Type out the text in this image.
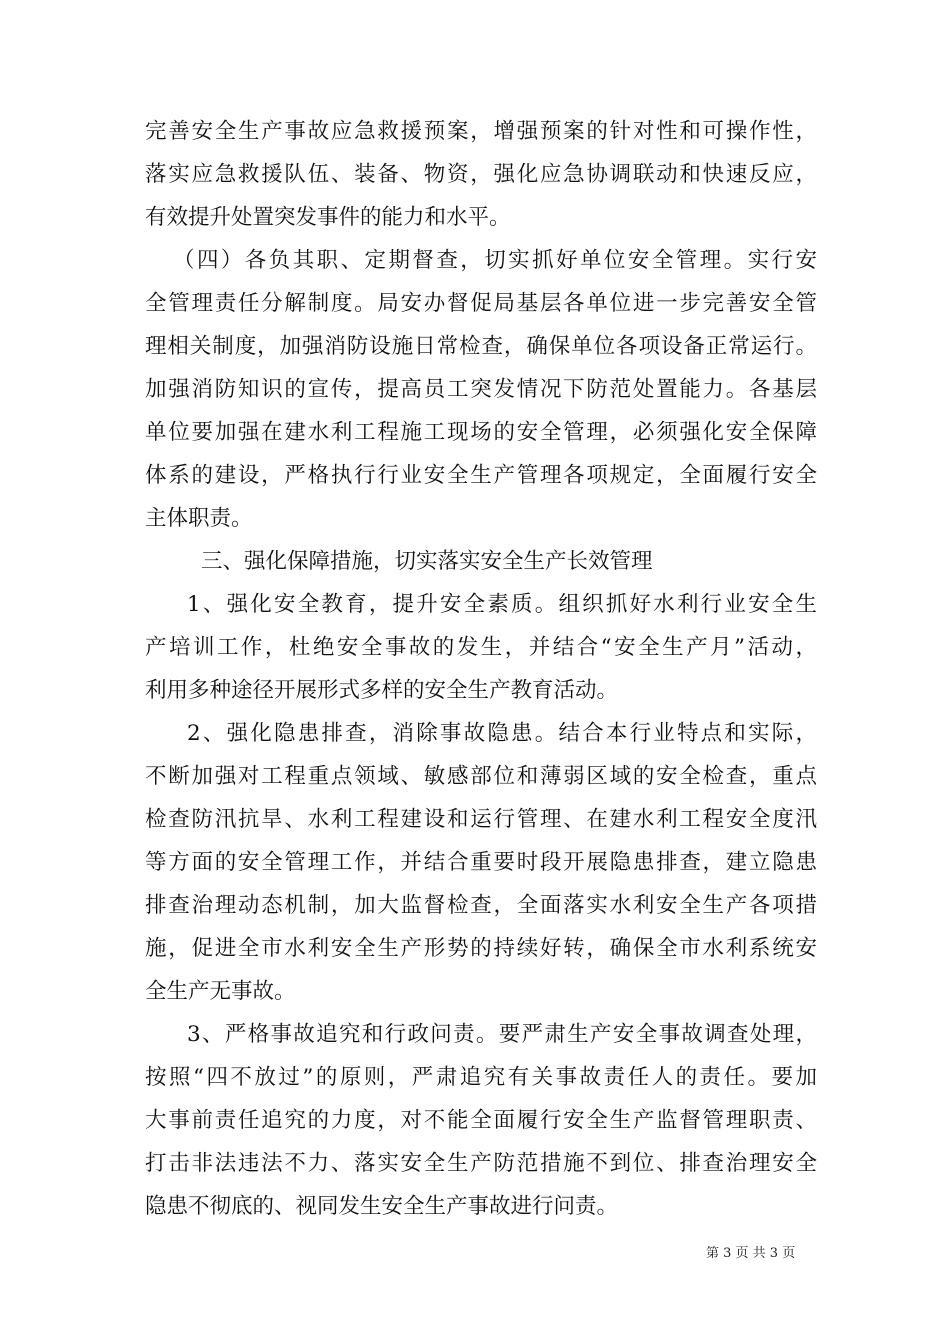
完善安全生产事故应急救援预案，增强预案的针对性和可操作性，
落实应急救援队伍、装备、物资，强化应急协调联动和快速反应，
有效提升处置突发事件的能力和水平。
（四）各负其职、定期督查，切实抓好单位安全管理。实行安
全管理责任分解制度。局安办督促局基层各单位进一步完善安全管
理相关制度，加强消防设施日常检查，确保单位各项设备正常运行。
加强消防知识的宣传，提高员工突发情况下防范处置能力。各基层
单位要加强在建水利工程施工现场的安全管理，必须强化安全保障
体系的建设，严格执行行业安全生产管理各项规定，全面履行安全
主体职责。
三、强化保障措施，切实落实安全生产长效管理
1、强化安全教育，提升安全素质。组织抓好水利行业安全生
产培训工作，杜绝安全事故的发生，并结合“安全生产月”活动，
利用多种途径开展形式多样的安全生产教育活动。
2、强化隐患排查，消除事故隐患。结合本行业特点和实际，
不断加强对工程重点领域、敏感部位和薄弱区域的安全检查，重点
检查防汛抗旱、水利工程建设和运行管理、在建水利工程安全度汛
等方面的安全管理工作，并结合重要时段开展隐患排查，建立隐患
排查治理动态机制，加大监督检查，全面落实水利安全生产各项措
施，促进全市水利安全生产形势的持续好转，确保全市水利系统安
全生产无事故。
3、严格事故追究和行政问责。要严肃生产安全事故调查处理，
按照“四不放过”的原则，严肃追究有关事故责任人的责任。要加
大事前责任追究的力度，对不能全面履行安全生产监督管理职责、
打击非法违法不力、落实安全生产防范措施不到位、排查治理安全
隐患不彻底的、视同发生安全生产事故进行问责。
第 3 页 共 3 页
